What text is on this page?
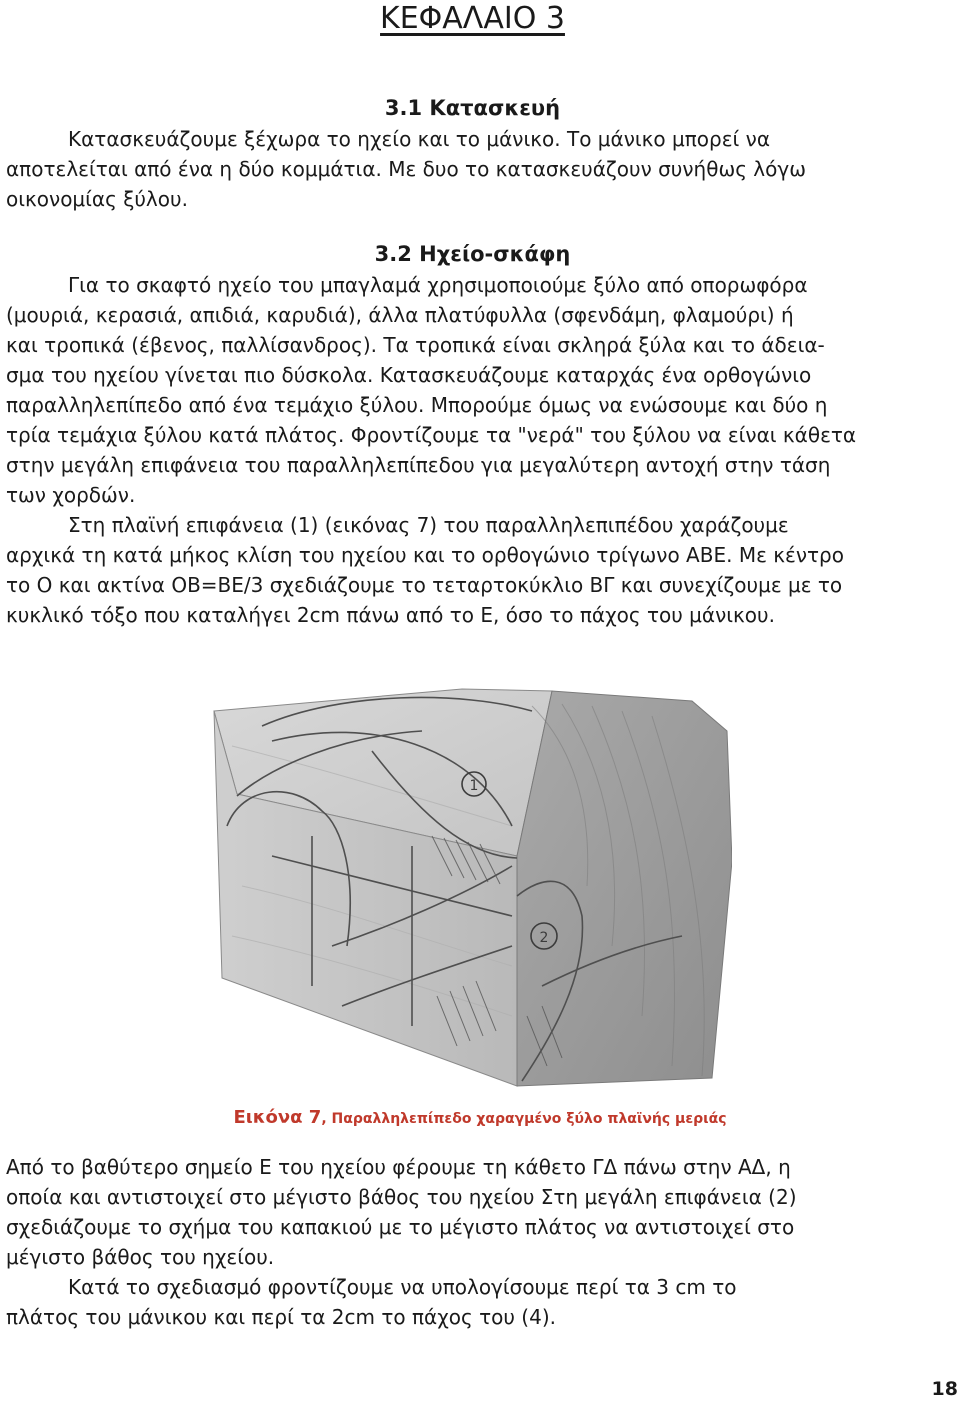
ΚΕΦΑΛΑΙΟ 3
3.1 Κατασκευή

Κατασκευάζουμε ξέχωρα το ηχείο και το μάνικο. Το μάνικο μπορεί να
αποτελείται από ένα η δύο κομμάτια. Με δυο το κατασκευάζουν συνήθως λόγω
οικονομίας ξύλου.

3.2 Ηχείο-σκάφη

Για το σκαφτό ηχείο του μπαγλαμά χρησιμοποιούμε ξύλο από οπορωφόρα
(μουριά, κερασιά, απιδιά, καρυδιά), άλλα πλατύφυλλα (σφενδάμη, φλαμούρι) ή
και τροπικά (έβενος, παλλίσανδρος). Τα τροπικά είναι σκληρά ξύλα και το άδεια-
σμα του ηχείου γίνεται πιο δύσκολα. Κατασκευάζουμε καταρχάς ένα ορθογώνιο
παραλληλεπίπεδο από ένα τεμάχιο ξύλου. Μπορούμε όμως να ενώσουμε και δύο η
τρία τεμάχια ξύλου κατά πλάτος. Φροντίζουμε τα "νερά" του ξύλου να είναι κάθετα
στην μεγάλη επιφάνεια του παραλληλεπίπεδου για μεγαλύτερη αντοχή στην τάση
των χορδών.

Στη πλαϊνή επιφάνεια (1) (εικόνας 7) του παραλληλεπιπέδου χαράζουμε
αρχικά τη κατά μήκος κλίση του ηχείου και το ορθογώνιο τρίγωνο ΑΒΕ. Με κέντρο
το Ο και ακτίνα ΟΒ=ΒΕ/3 σχεδιάζουμε το τεταρτοκύκλιο ΒΓ και συνεχίζουμε με το
κυκλικό τόξο που καταλήγει 2cm πάνω από το Ε, όσο το πάχος του μάνικου.

1
2
Εικόνα 7, Παραλληλεπίπεδο χαραγμένο ξύλο πλαϊνής μεριάς

Από το βαθύτερο σημείο Ε του ηχείου φέρουμε τη κάθετο ΓΔ πάνω στην ΑΔ, η
οποία και αντιστοιχεί στο μέγιστο βάθος του ηχείου Στη μεγάλη επιφάνεια (2)
σχεδιάζουμε το σχήμα του καπακιού με το μέγιστο πλάτος να αντιστοιχεί στο
μέγιστο βάθος του ηχείου.

Κατά το σχεδιασμό φροντίζουμε να υπολογίσουμε περί τα 3 cm το
πλάτος του μάνικου και περί τα 2cm το πάχος του (4).

18
